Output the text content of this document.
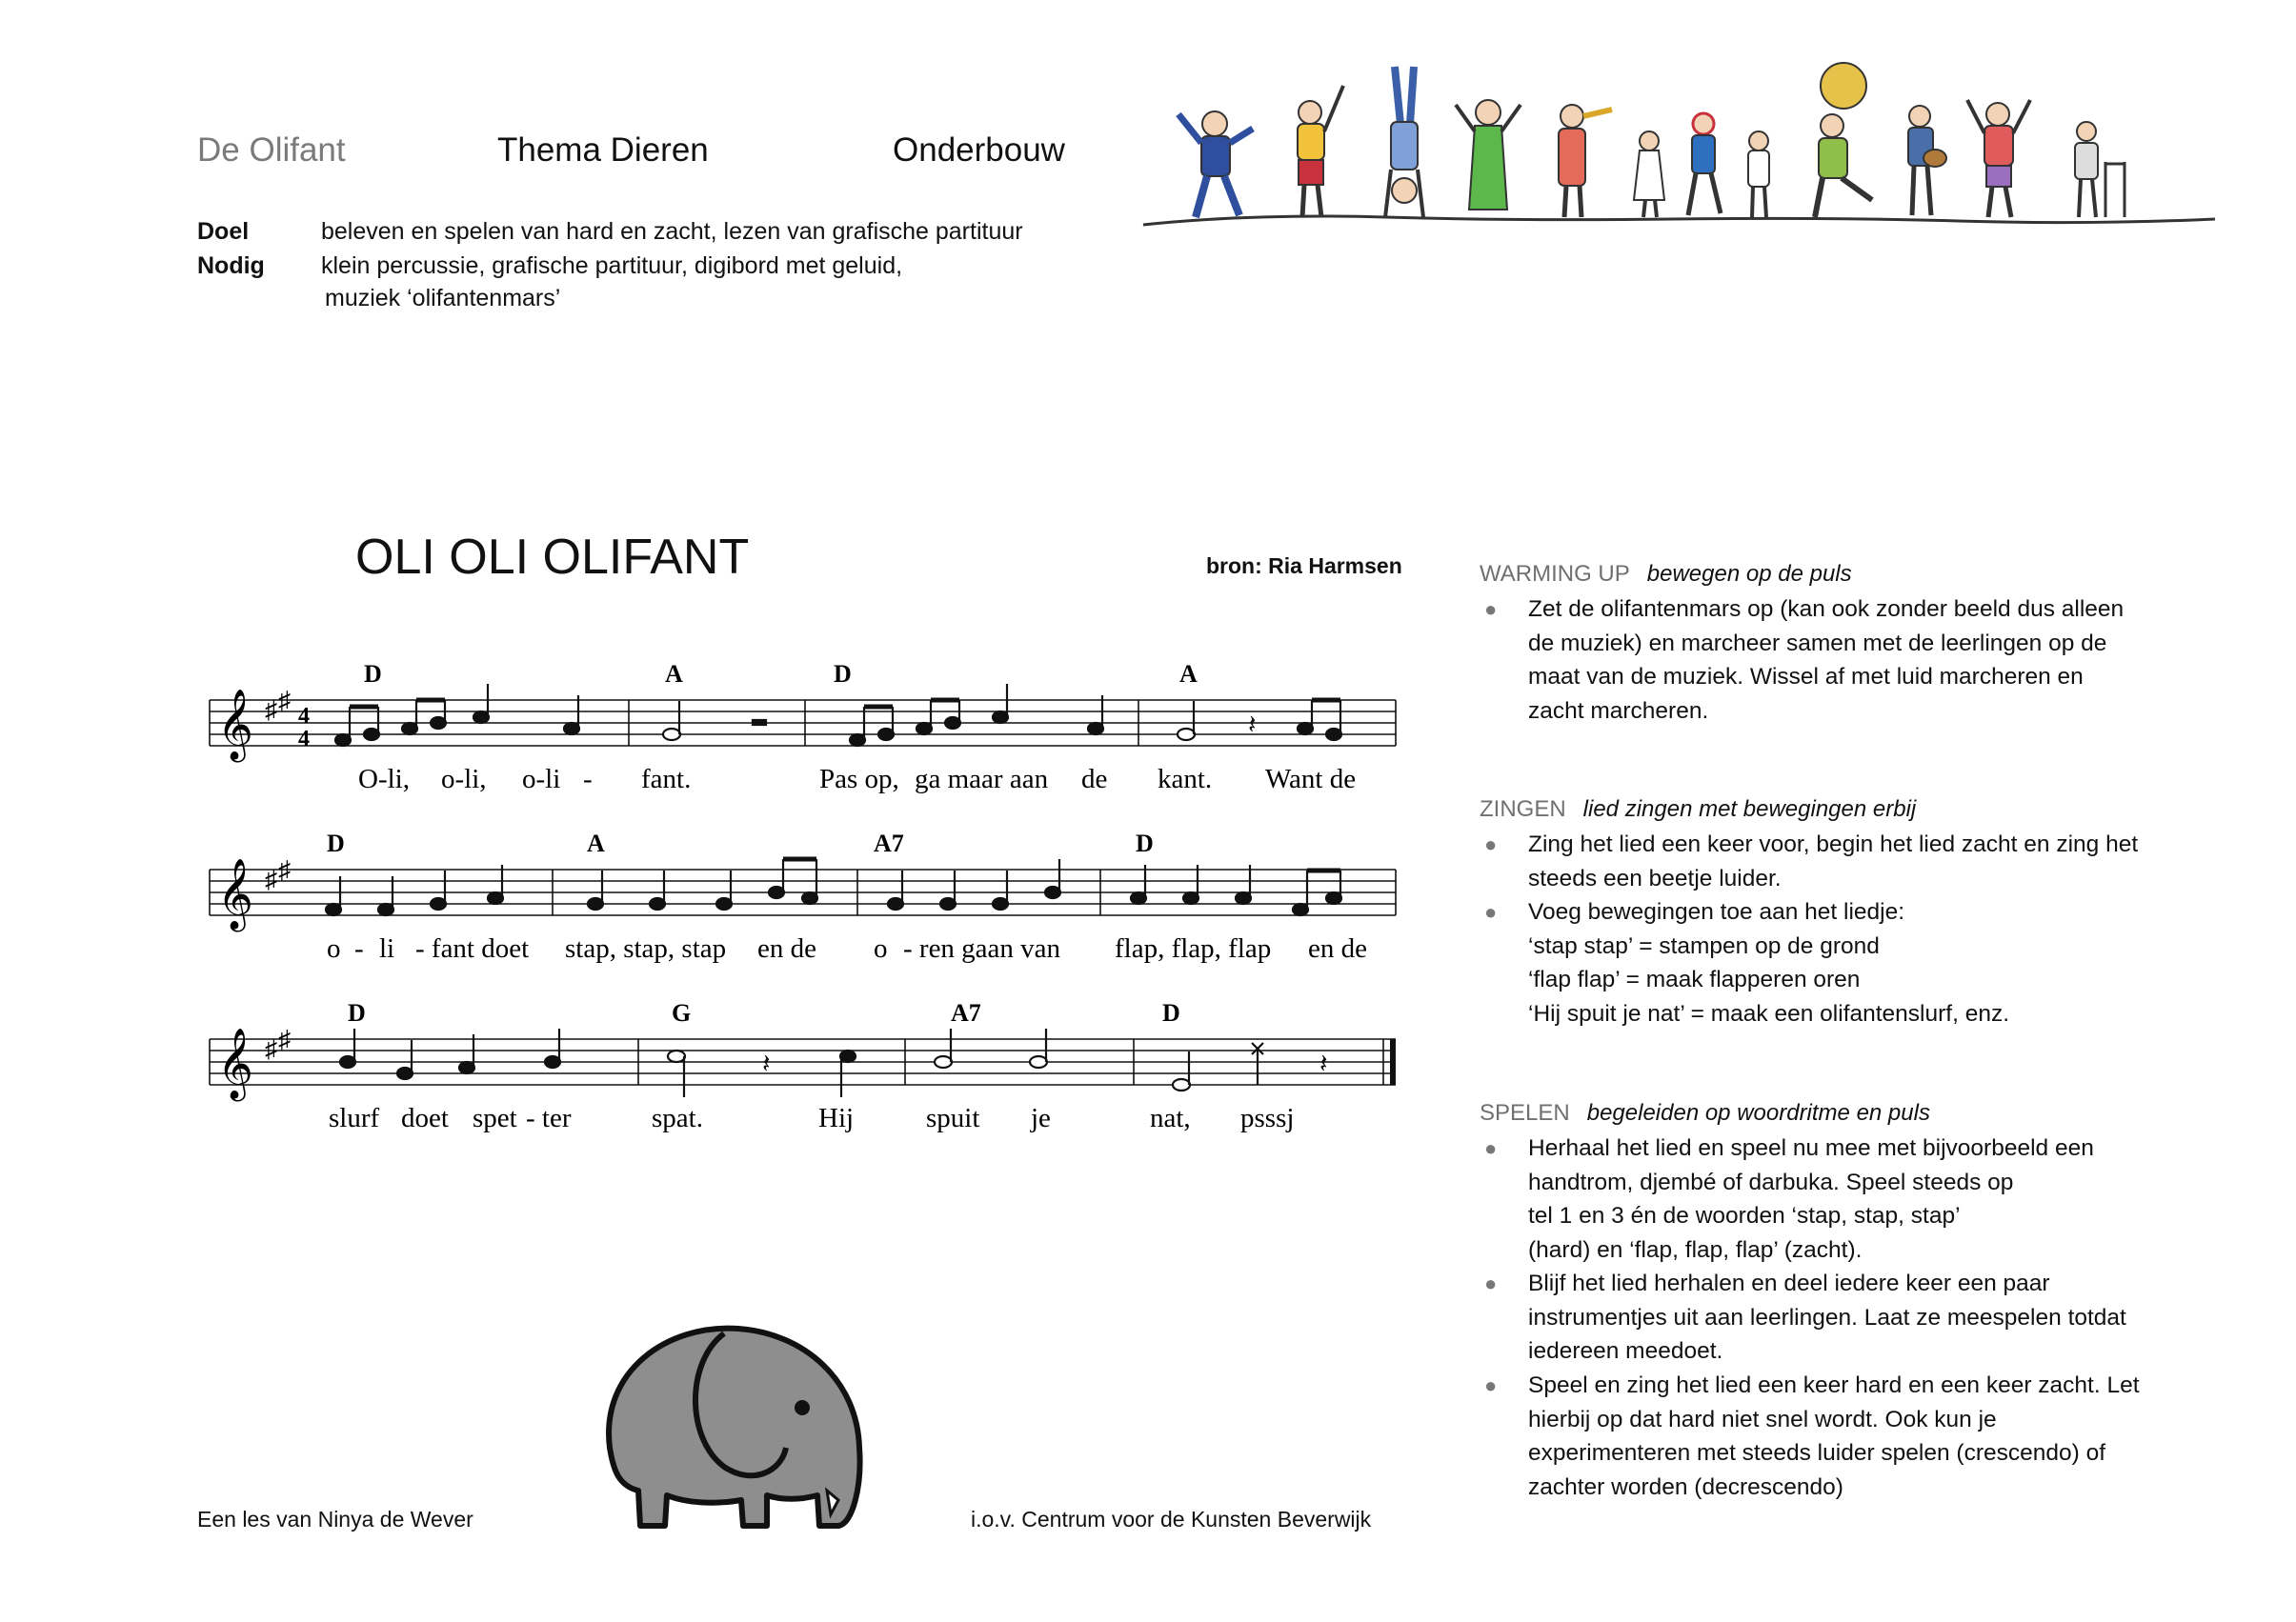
De Olifant	Thema Dieren	Onderbouw
Doel	beleven en spelen van hard en zacht, lezen van grafische partituur
Nodig klein percussie, grafische partituur, digibord met geluid,
muziek ‘olifantenmars’
OLI OLI OLIFANT	bron: Ria Harmsen
𝄞 ♯ ♯
4
4	𝄽
D	A	D	A
O-li, o-li, o-li - fant.	Pas op, ga maar aan de kant. Want de
𝄞 ♯ ♯
D	A	A7	D
o - li - fant doet stap, stap, stap en de o - ren gaan van flap, flap, flap en de
𝄞 ♯ ♯
𝄽	𝄽
D	G	A7	D
slurf doet spet - ter	spat.	Hij	spuit je	nat, psssj
Een les van Ninya de Wever	i.o.v. Centrum voor de Kunsten Beverwijk
WARMING UP bewegen op de puls
● Zet de olifantenmars op (kan ook zonder beeld dus alleen

de muziek) en marcheer samen met de leerlingen op de

maat van de muziek. Wissel af met luid marcheren en

zacht marcheren.

ZINGEN lied zingen met bewegingen erbij
● Zing het lied een keer voor, begin het lied zacht en zing het

steeds een beetje luider.

● Voeg bewegingen toe aan het liedje:

‘stap stap’ = stampen op de grond

‘flap flap’ = maak flapperen oren

‘Hij spuit je nat’ = maak een olifantenslurf, enz.

SPELEN begeleiden op woordritme en puls
● Herhaal het lied en speel nu mee met bijvoorbeeld een

handtrom, djembé of darbuka. Speel steeds op

tel 1 en 3 én de woorden ‘stap, stap, stap’

(hard) en ‘flap, flap, flap’ (zacht).

● Blijf het lied herhalen en deel iedere keer een paar

instrumentjes uit aan leerlingen. Laat ze meespelen totdat

iedereen meedoet.

● Speel en zing het lied een keer hard en een keer zacht. Let

hierbij op dat hard niet snel wordt. Ook kun je

experimenteren met steeds luider spelen (crescendo) of

zachter worden (decrescendo)
